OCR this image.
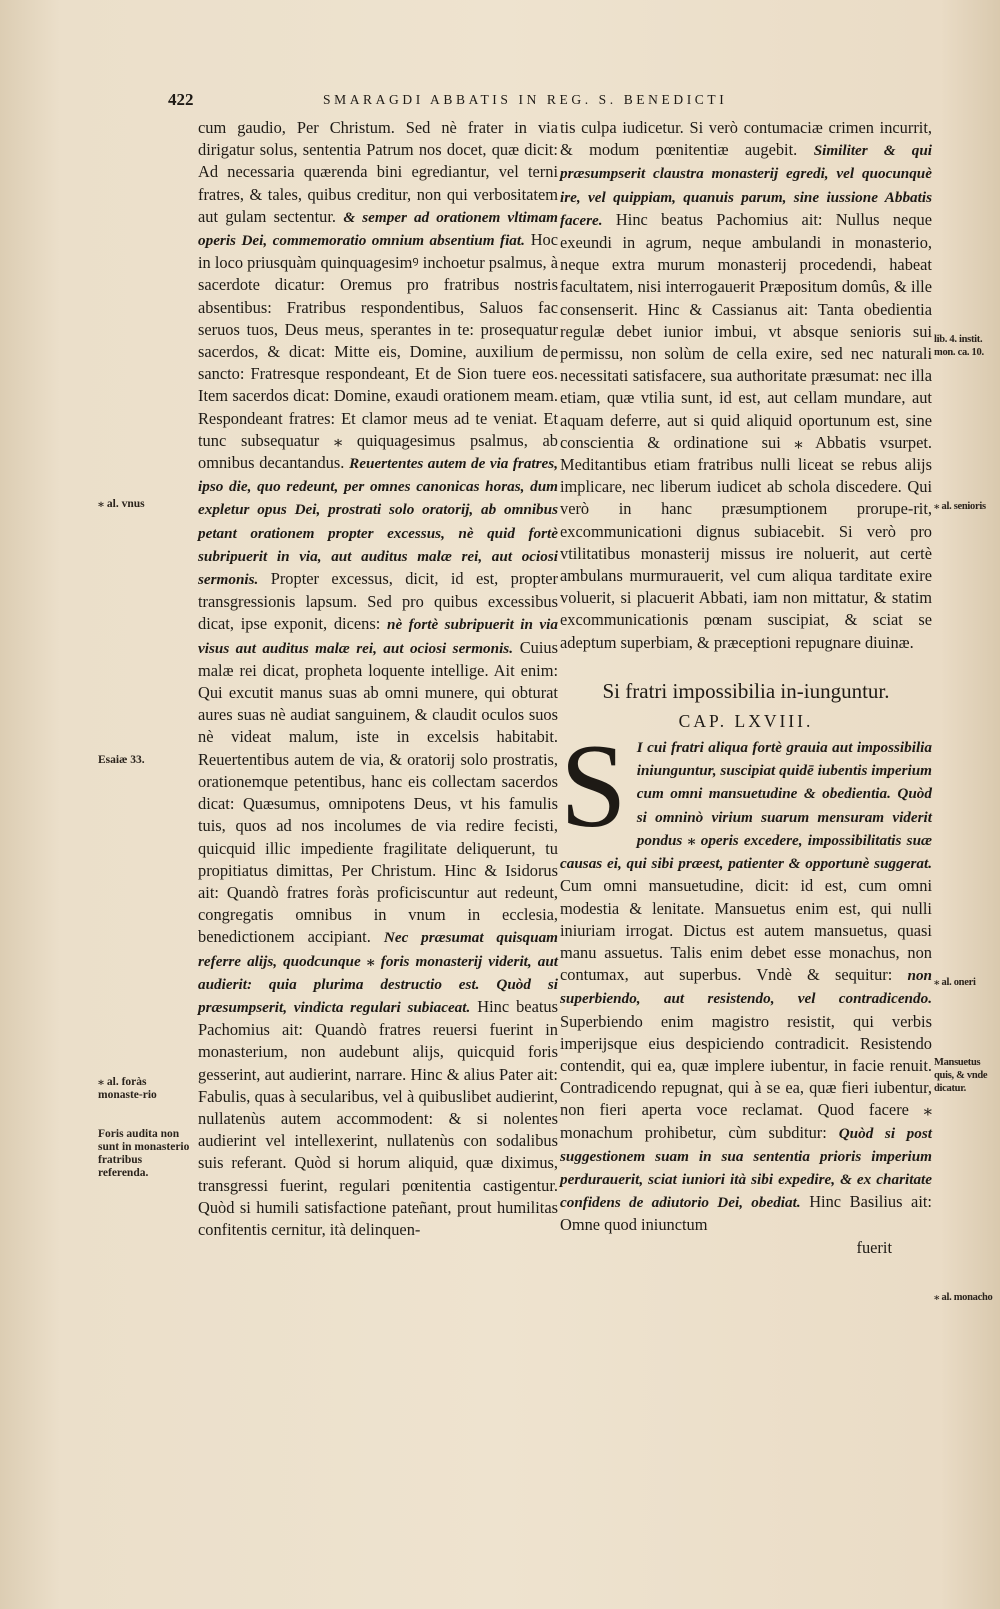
422	SMARAGDI ABBATIS IN REG. S. BENEDICTI
⁎ al. vnus
Esaiæ 33.
⁎ al. foràs monaste-rio
Foris audita non sunt in monasterio fratribus referenda.
lib. 4. instit. mon. ca. 10.
⁎ al. senioris
⁎ al. oneri
Mansuetus quis, & vnde dicatur.
⁎ al. monacho

cum gaudio, Per Christum. Sed nè frater in via dirigatur solus, sententia Patrum nos docet, quæ dicit: Ad necessaria quærenda bini egrediantur, vel terni fratres, & tales, quibus creditur, non qui verbositatem aut gulam sectentur. & semper ad orationem vltimam operis Dei, commemoratio omnium absentium fiat. Hoc in loco priusquàm quinquagesimꝰ inchoetur psalmus, à sacerdote dicatur: Oremus pro fratribus nostris absentibus: Fratribus respondentibus, Saluos fac seruos tuos, Deus meus, sperantes in te: prosequatur sacerdos, & dicat: Mitte eis, Domine, auxilium de sancto: Fratresque respondeant, Et de Sion tuere eos. Item sacerdos dicat: Domine, exaudi orationem meam. Respondeant fratres: Et clamor meus ad te veniat. Et tunc subsequatur ⁎ quiquagesimus psalmus, ab omnibus decantandus. Reuertentes autem de via fratres, ipso die, quo redeunt, per omnes canonicas horas, dum expletur opus Dei, prostrati solo oratorij, ab omnibus petant orationem propter excessus, nè quid fortè subripuerit in via, aut auditus malæ rei, aut ociosi sermonis. Propter excessus, dicit, id est, propter transgressionis lapsum. Sed pro quibus excessibus dicat, ipse exponit, dicens: nè fortè subripuerit in via visus aut auditus malæ rei, aut ociosi sermonis. Cuius malæ rei dicat, propheta loquente intellige. Ait enim: Qui excutit manus suas ab omni munere, qui obturat aures suas nè audiat sanguinem, & claudit oculos suos nè videat malum, iste in excelsis habitabit. Reuertentibus autem de via, & oratorij solo prostratis, orationemque petentibus, hanc eis collectam sacerdos dicat: Quæsumus, omnipotens Deus, vt his famulis tuis, quos ad nos incolumes de via redire fecisti, quicquid illic impediente fragilitate deliquerunt, tu propitiatus dimittas, Per Christum. Hinc & Isidorus ait: Quandò fratres foràs proficiscuntur aut redeunt, congregatis omnibus in vnum in ecclesia, benedictionem accipiant. Nec præsumat quisquam referre alijs, quodcunque ⁎ foris monasterij viderit, aut audierit: quia plurima destructio est. Quòd si præsumpserit, vindicta regulari subiaceat. Hinc beatus Pachomius ait: Quandò fratres reuersi fuerint in monasterium, non audebunt alijs, quicquid foris gesserint, aut audierint, narrare. Hinc & alius Pater ait: Fabulis, quas à secularibus, vel à quibuslibet audierint, nullatenùs autem accommodent: & si nolentes audierint vel intellexerint, nullatenùs con sodalibus suis referant. Quòd si horum aliquid, quæ diximus, transgressi fuerint, regulari pœnitentia castigentur. Quòd si humili satisfactione pateñant, prout humilitas confitentis cernitur, ità delinquen-

tis culpa iudicetur. Si verò contumaciæ crimen incurrit, & modum pœnitentiæ augebit. Similiter & qui præsumpserit claustra monasterij egredi, vel quocunquè ire, vel quippiam, quanuis parum, sine iussione Abbatis facere. Hinc beatus Pachomius ait: Nullus neque exeundi in agrum, neque ambulandi in monasterio, neque extra murum monasterij procedendi, habeat facultatem, nisi interrogauerit Præpositum domûs, & ille consenserit. Hinc & Cassianus ait: Tanta obedientia regulæ debet iunior imbui, vt absque senioris sui permissu, non solùm de cella exire, sed nec naturali necessitati satisfacere, sua authoritate præsumat: nec illa etiam, quæ vtilia sunt, id est, aut cellam mundare, aut aquam deferre, aut si quid aliquid oportunum est, sine conscientia & ordinatione sui ⁎ Abbatis vsurpet. Meditantibus etiam fratribus nulli liceat se rebus alijs implicare, nec liberum iudicet ab schola discedere. Qui verò in hanc præsumptionem prorupe-rit, excommunicationi dignus subiacebit. Si verò pro vtilitatibus monasterij missus ire noluerit, aut certè ambulans murmurauerit, vel cum aliqua tarditate exire voluerit, si placuerit Abbati, iam non mittatur, & statim excommunicationis pœnam suscipiat, & sciat se adeptum superbiam, & præceptioni repugnare diuinæ.

Si fratri impossibilia in-iunguntur.
CAP. LXVIII.
S I cui fratri aliqua fortè grauia aut impossibilia iniunguntur, suscipiat quidē iubentis imperium cum omni mansuetudine & obedientia. Quòd si omninò virium suarum mensuram viderit pondus ⁎ operis excedere, impossibilitatis suæ causas ei, qui sibi præest, patienter & opportunè suggerat. Cum omni mansuetudine, dicit: id est, cum omni modestia & lenitate. Mansuetus enim est, qui nulli iniuriam irrogat. Dictus est autem mansuetus, quasi manu assuetus. Talis enim debet esse monachus, non contumax, aut superbus. Vndè & sequitur: non superbiendo, aut resistendo, vel contradicendo. Superbiendo enim magistro resistit, qui verbis imperijsque eius despiciendo contradicit. Resistendo contendit, qui ea, quæ implere iubentur, in facie renuit. Contradicendo repugnat, qui à se ea, quæ fieri iubentur, non fieri aperta voce reclamat. Quod facere ⁎ monachum prohibetur, cùm subditur: Quòd si post suggestionem suam in sua sententia prioris imperium perdurauerit, sciat iuniori ità sibi expedire, & ex charitate confidens de adiutorio Dei, obediat. Hinc Basilius ait: Omne quod iniunctum

fuerit
